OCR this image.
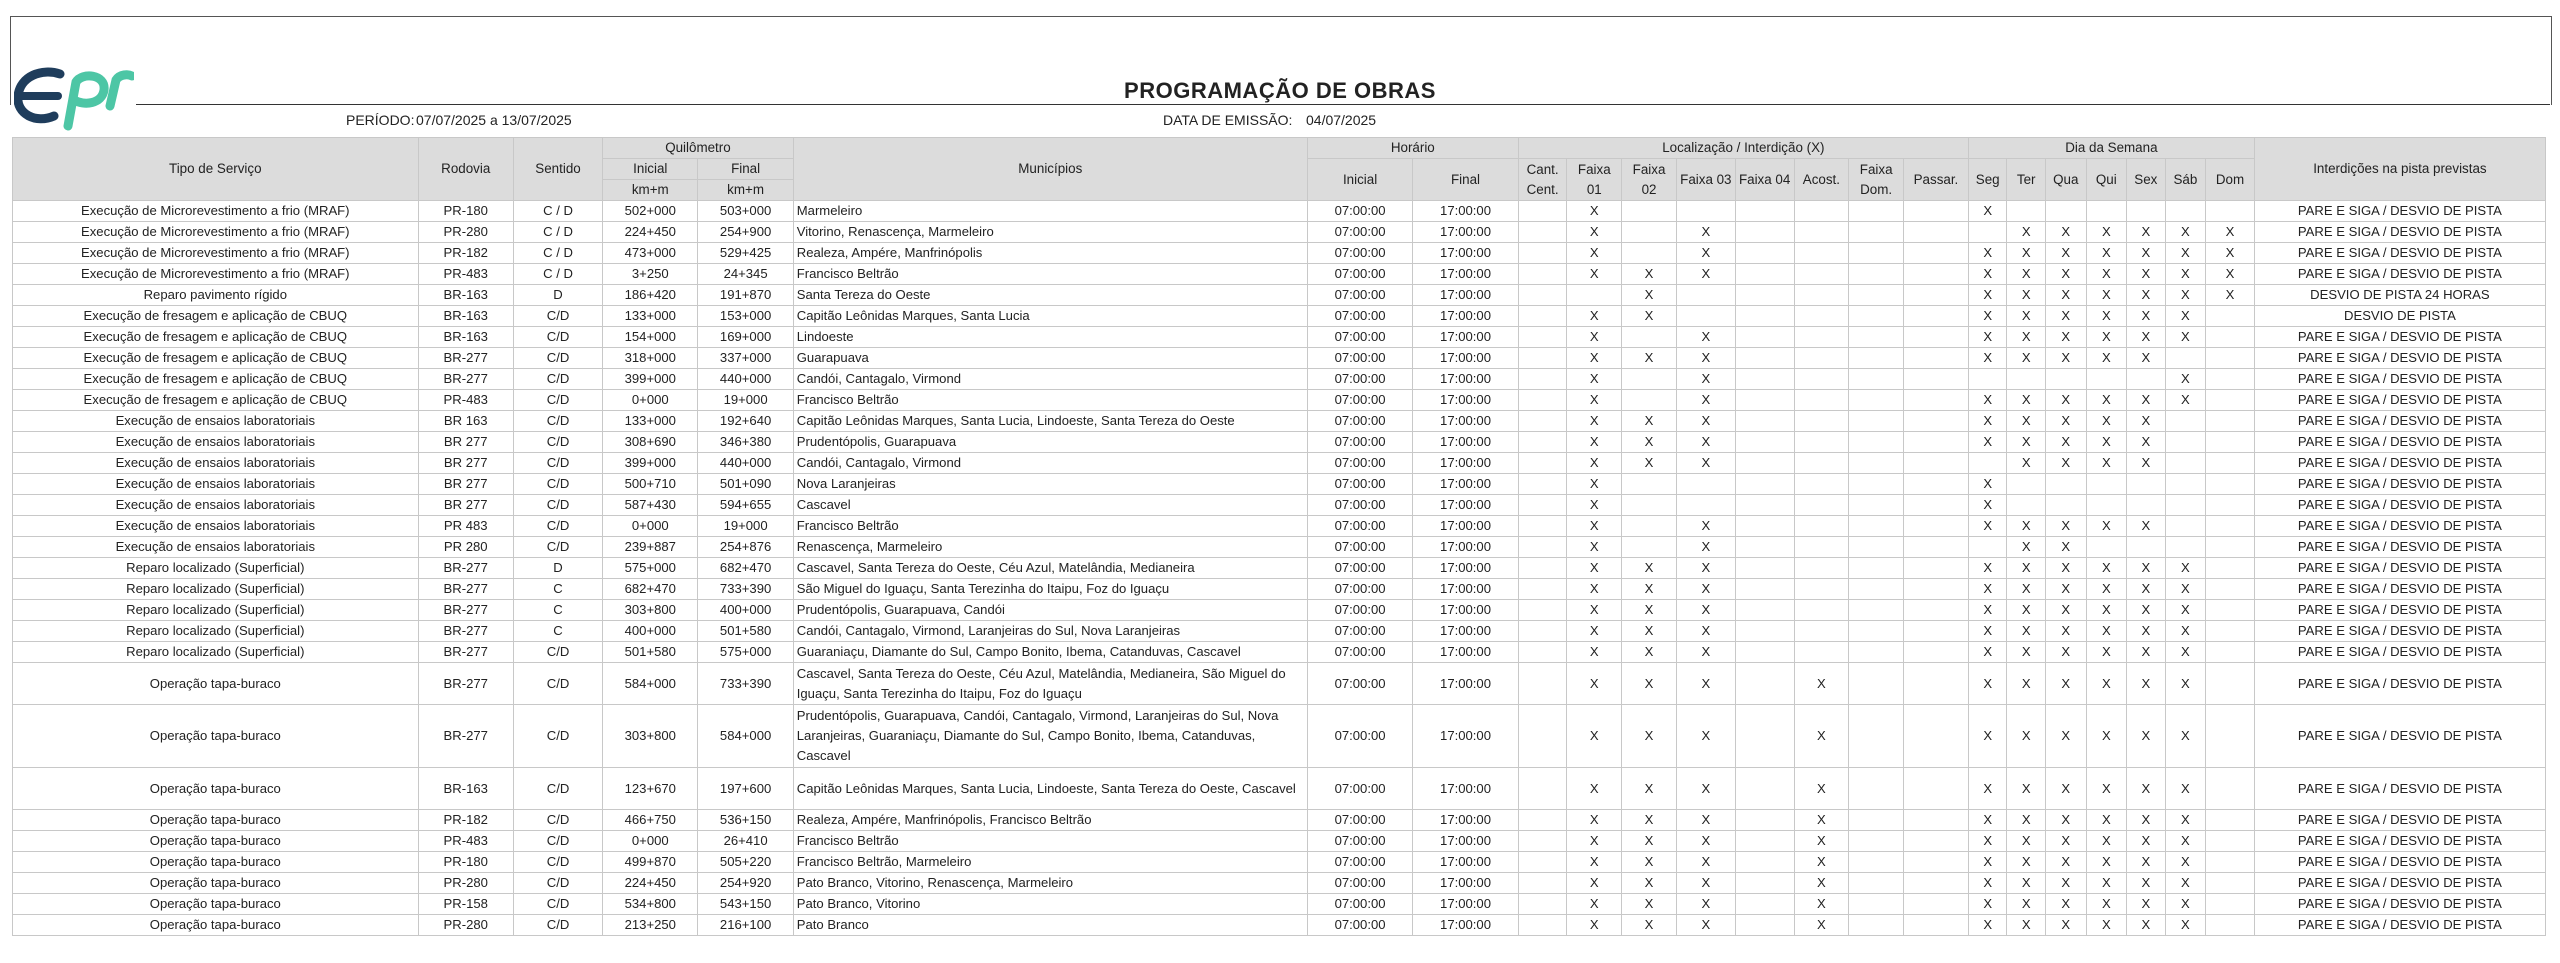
PROGRAMAÇÃO DE OBRAS
PERÍODO: 07/07/2025 a 13/07/2025	DATA DE EMISSÃO: 04/07/2025
Tipo de Serviço	Rodovia	Sentido	Quilômetro		Municípios	Horário		Localização / Interdição (X)								Dia da Semana							Interdições na pista previstas
			Inicial	Final		Inicial	Final	Cant. Cent.	Faixa 01	Faixa 02	Faixa 03	Faixa 04	Acost.	Faixa Dom.	Passar.	Seg	Ter	Qua	Qui	Sex	Sáb	Dom	
			km+m	km+m																			
Execução de Microrevestimento a frio (MRAF)	PR-180	C / D	502+000	503+000	Marmeleiro	07:00:00	17:00:00		X							X							PARE E SIGA / DESVIO DE PISTA
Execução de Microrevestimento a frio (MRAF)	PR-280	C / D	224+450	254+900	Vitorino, Renascença, Marmeleiro	07:00:00	17:00:00		X		X						X	X	X	X	X	X	PARE E SIGA / DESVIO DE PISTA
Execução de Microrevestimento a frio (MRAF)	PR-182	C / D	473+000	529+425	Realeza, Ampére, Manfrinópolis	07:00:00	17:00:00		X		X					X	X	X	X	X	X	X	PARE E SIGA / DESVIO DE PISTA
Execução de Microrevestimento a frio (MRAF)	PR-483	C / D	3+250	24+345	Francisco Beltrão	07:00:00	17:00:00		X	X	X					X	X	X	X	X	X	X	PARE E SIGA / DESVIO DE PISTA
Reparo pavimento rígido	BR-163	D	186+420	191+870	Santa Tereza do Oeste	07:00:00	17:00:00			X						X	X	X	X	X	X	X	DESVIO DE PISTA 24 HORAS
Execução de fresagem e aplicação de CBUQ	BR-163	C/D	133+000	153+000	Capitão Leônidas Marques, Santa Lucia	07:00:00	17:00:00		X	X						X	X	X	X	X	X		DESVIO DE PISTA
Execução de fresagem e aplicação de CBUQ	BR-163	C/D	154+000	169+000	Lindoeste	07:00:00	17:00:00		X		X					X	X	X	X	X	X		PARE E SIGA / DESVIO DE PISTA
Execução de fresagem e aplicação de CBUQ	BR-277	C/D	318+000	337+000	Guarapuava	07:00:00	17:00:00		X	X	X					X	X	X	X	X			PARE E SIGA / DESVIO DE PISTA
Execução de fresagem e aplicação de CBUQ	BR-277	C/D	399+000	440+000	Candói, Cantagalo, Virmond	07:00:00	17:00:00		X		X										X		PARE E SIGA / DESVIO DE PISTA
Execução de fresagem e aplicação de CBUQ	PR-483	C/D	0+000	19+000	Francisco Beltrão	07:00:00	17:00:00		X		X					X	X	X	X	X	X		PARE E SIGA / DESVIO DE PISTA
Execução de ensaios laboratoriais	BR 163	C/D	133+000	192+640	Capitão Leônidas Marques, Santa Lucia, Lindoeste, Santa Tereza do Oeste	07:00:00	17:00:00		X	X	X					X	X	X	X	X			PARE E SIGA / DESVIO DE PISTA
Execução de ensaios laboratoriais	BR 277	C/D	308+690	346+380	Prudentópolis, Guarapuava	07:00:00	17:00:00		X	X	X					X	X	X	X	X			PARE E SIGA / DESVIO DE PISTA
Execução de ensaios laboratoriais	BR 277	C/D	399+000	440+000	Candói, Cantagalo, Virmond	07:00:00	17:00:00		X	X	X						X	X	X	X			PARE E SIGA / DESVIO DE PISTA
Execução de ensaios laboratoriais	BR 277	C/D	500+710	501+090	Nova Laranjeiras	07:00:00	17:00:00		X							X							PARE E SIGA / DESVIO DE PISTA
Execução de ensaios laboratoriais	BR 277	C/D	587+430	594+655	Cascavel	07:00:00	17:00:00		X							X							PARE E SIGA / DESVIO DE PISTA
Execução de ensaios laboratoriais	PR 483	C/D	0+000	19+000	Francisco Beltrão	07:00:00	17:00:00		X		X					X	X	X	X	X			PARE E SIGA / DESVIO DE PISTA
Execução de ensaios laboratoriais	PR 280	C/D	239+887	254+876	Renascença, Marmeleiro	07:00:00	17:00:00		X		X						X	X					PARE E SIGA / DESVIO DE PISTA
Reparo localizado (Superficial)	BR-277	D	575+000	682+470	Cascavel, Santa Tereza do Oeste, Céu Azul, Matelândia, Medianeira	07:00:00	17:00:00		X	X	X					X	X	X	X	X	X		PARE E SIGA / DESVIO DE PISTA
Reparo localizado (Superficial)	BR-277	C	682+470	733+390	São Miguel do Iguaçu, Santa Terezinha do Itaipu, Foz do Iguaçu	07:00:00	17:00:00		X	X	X					X	X	X	X	X	X		PARE E SIGA / DESVIO DE PISTA
Reparo localizado (Superficial)	BR-277	C	303+800	400+000	Prudentópolis, Guarapuava, Candói	07:00:00	17:00:00		X	X	X					X	X	X	X	X	X		PARE E SIGA / DESVIO DE PISTA
Reparo localizado (Superficial)	BR-277	C	400+000	501+580	Candói, Cantagalo, Virmond, Laranjeiras do Sul, Nova Laranjeiras	07:00:00	17:00:00		X	X	X					X	X	X	X	X	X		PARE E SIGA / DESVIO DE PISTA
Reparo localizado (Superficial)	BR-277	C/D	501+580	575+000	Guaraniaçu, Diamante do Sul, Campo Bonito, Ibema, Catanduvas, Cascavel	07:00:00	17:00:00		X	X	X					X	X	X	X	X	X		PARE E SIGA / DESVIO DE PISTA
Operação tapa-buraco	BR-277	C/D	584+000	733+390	Cascavel, Santa Tereza do Oeste, Céu Azul, Matelândia, Medianeira, São Miguel do Iguaçu, Santa Terezinha do Itaipu, Foz do Iguaçu	07:00:00	17:00:00		X	X	X		X			X	X	X	X	X	X		PARE E SIGA / DESVIO DE PISTA
Operação tapa-buraco	BR-277	C/D	303+800	584+000	Prudentópolis, Guarapuava, Candói, Cantagalo, Virmond, Laranjeiras do Sul, Nova Laranjeiras, Guaraniaçu, Diamante do Sul, Campo Bonito, Ibema, Catanduvas, Cascavel	07:00:00	17:00:00		X	X	X		X			X	X	X	X	X	X		PARE E SIGA / DESVIO DE PISTA
Operação tapa-buraco	BR-163	C/D	123+670	197+600	Capitão Leônidas Marques, Santa Lucia, Lindoeste, Santa Tereza do Oeste, Cascavel	07:00:00	17:00:00		X	X	X		X			X	X	X	X	X	X		PARE E SIGA / DESVIO DE PISTA
Operação tapa-buraco	PR-182	C/D	466+750	536+150	Realeza, Ampére, Manfrinópolis, Francisco Beltrão	07:00:00	17:00:00		X	X	X		X			X	X	X	X	X	X		PARE E SIGA / DESVIO DE PISTA
Operação tapa-buraco	PR-483	C/D	0+000	26+410	Francisco Beltrão	07:00:00	17:00:00		X	X	X		X			X	X	X	X	X	X		PARE E SIGA / DESVIO DE PISTA
Operação tapa-buraco	PR-180	C/D	499+870	505+220	Francisco Beltrão, Marmeleiro	07:00:00	17:00:00		X	X	X		X			X	X	X	X	X	X		PARE E SIGA / DESVIO DE PISTA
Operação tapa-buraco	PR-280	C/D	224+450	254+920	Pato Branco, Vitorino, Renascença, Marmeleiro	07:00:00	17:00:00		X	X	X		X			X	X	X	X	X	X		PARE E SIGA / DESVIO DE PISTA
Operação tapa-buraco	PR-158	C/D	534+800	543+150	Pato Branco, Vitorino	07:00:00	17:00:00		X	X	X		X			X	X	X	X	X	X		PARE E SIGA / DESVIO DE PISTA
Operação tapa-buraco	PR-280	C/D	213+250	216+100	Pato Branco	07:00:00	17:00:00		X	X	X		X			X	X	X	X	X	X		PARE E SIGA / DESVIO DE PISTA
